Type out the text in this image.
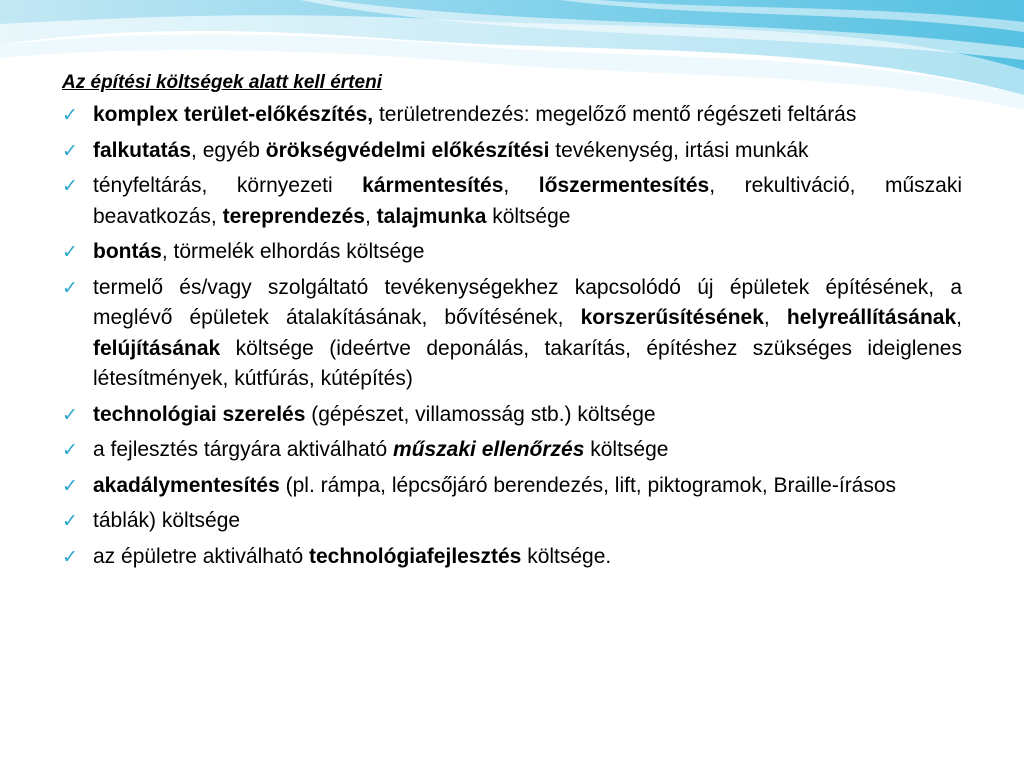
Az építési költségek alatt kell érteni
✓ komplex terület-előkészítés, területrendezés: megelőző mentő régészeti feltárás
✓ falkutatás, egyéb örökségvédelmi előkészítési tevékenység, irtási munkák
✓ tényfeltárás, környezeti kármentesítés, lőszermentesítés, rekultiváció, műszaki beavatkozás, tereprendezés, talajmunka költsége
✓ bontás, törmelék elhordás költsége
✓ termelő és/vagy szolgáltató tevékenységekhez kapcsolódó új épületek építésének, a meglévő épületek átalakításának, bővítésének, korszerűsítésének, helyreállításának, felújításának költsége (ideértve deponálás, takarítás, építéshez szükséges ideiglenes létesítmények, kútfúrás, kútépítés)
✓ technológiai szerelés (gépészet, villamosság stb.) költsége
✓ a fejlesztés tárgyára aktiválható műszaki ellenőrzés költsége
✓ akadálymentesítés (pl. rámpa, lépcsőjáró berendezés, lift, piktogramok, Braille-írásos
✓ táblák) költsége
✓ az épületre aktiválható technológiafejlesztés költsége.
